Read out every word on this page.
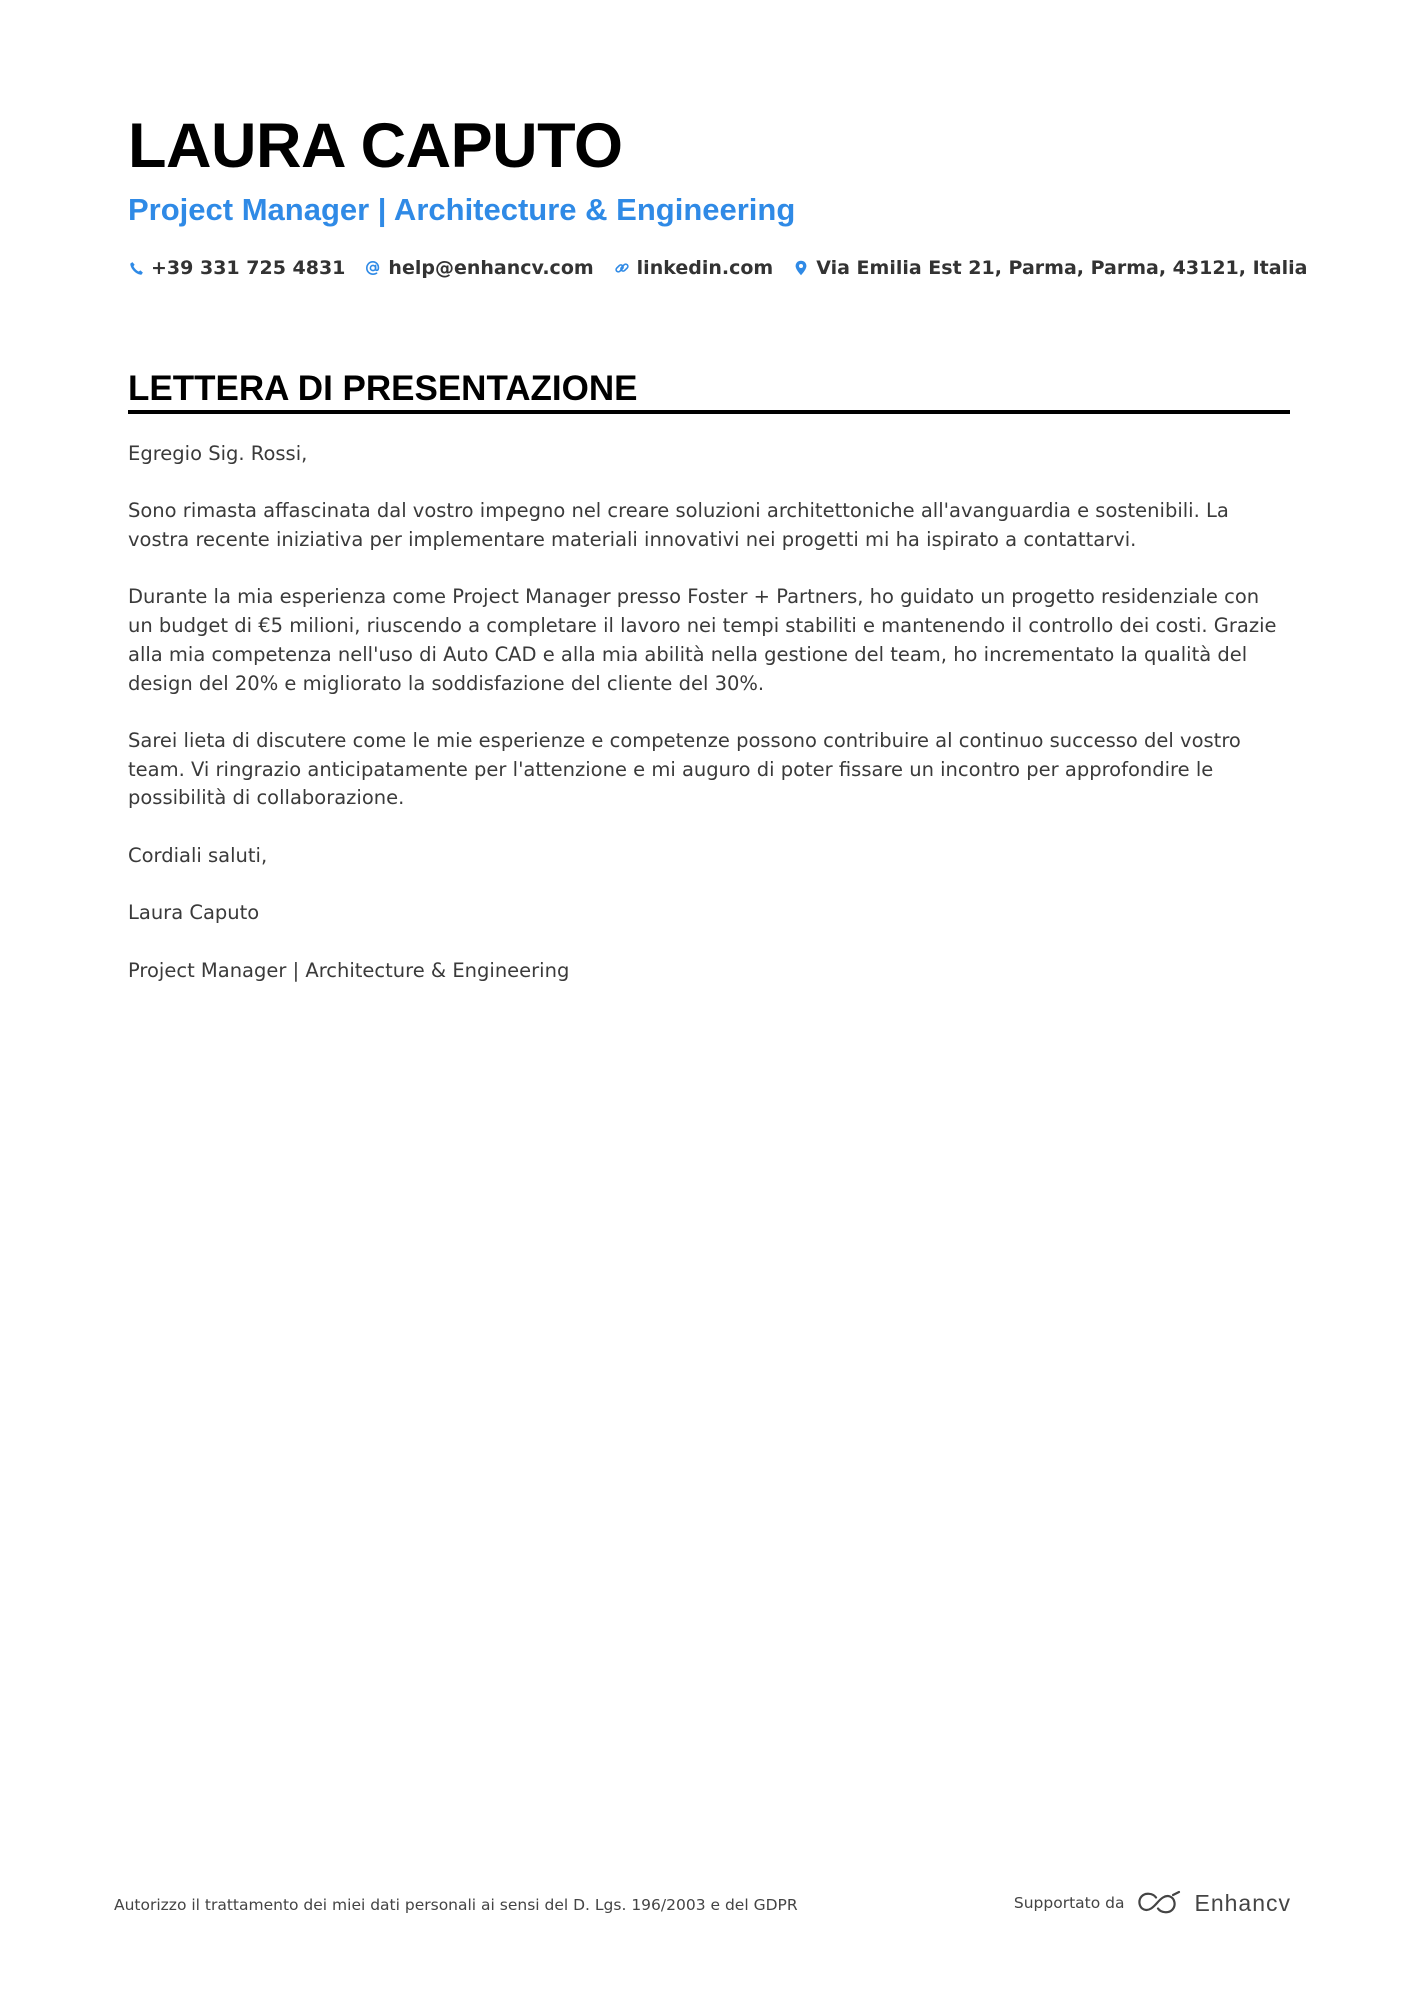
LAURA CAPUTO
Project Manager | Architecture & Engineering
+39 331 725 4831 help@enhancv.com linkedin.com Via Emilia Est 21, Parma, Parma, 43121, Italia
LETTERA DI PRESENTAZIONE

Egregio Sig. Rossi,

Sono rimasta affascinata dal vostro impegno nel creare soluzioni architettoniche all'avanguardia e sostenibili. La vostra recente iniziativa per implementare materiali innovativi nei progetti mi ha ispirato a contattarvi.

Durante la mia esperienza come Project Manager presso Foster + Partners, ho guidato un progetto residenziale con un budget di €5 milioni, riuscendo a completare il lavoro nei tempi stabiliti e mantenendo il controllo dei costi. Grazie alla mia competenza nell'uso di Auto CAD e alla mia abilità nella gestione del team, ho incrementato la qualità del design del 20% e migliorato la soddisfazione del cliente del 30%.

Sarei lieta di discutere come le mie esperienze e competenze possono contribuire al continuo successo del vostro team. Vi ringrazio anticipatamente per l'attenzione e mi auguro di poter fissare un incontro per approfondire le possibilità di collaborazione.

Cordiali saluti,

Laura Caputo

Project Manager | Architecture & Engineering

Autorizzo il trattamento dei miei dati personali ai sensi del D. Lgs. 196/2003 e del GDPR	Supportato da	Enhancv
